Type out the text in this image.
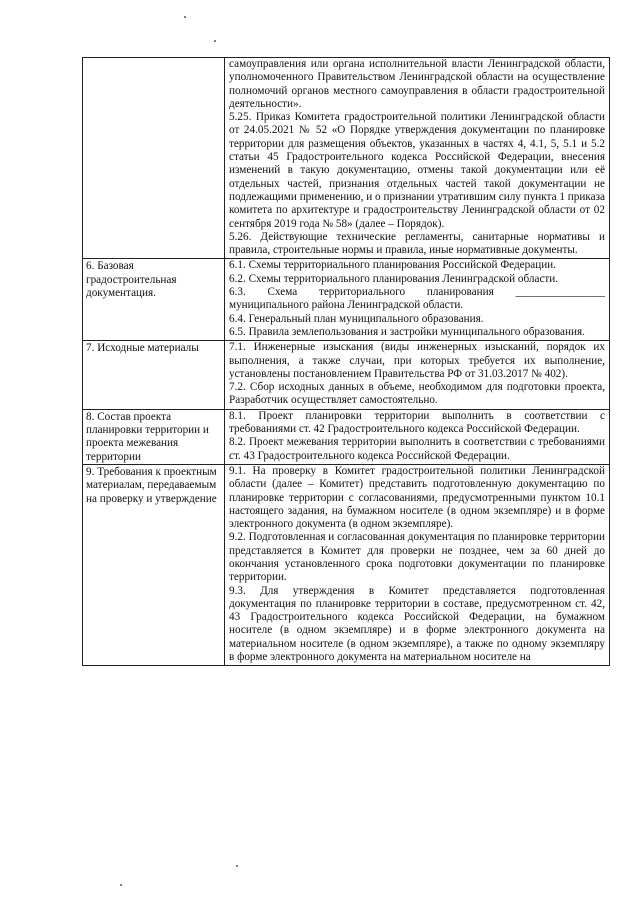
	самоуправления или органа исполнительной власти Ленинградской области, уполномоченного Правительством Ленинградской области на осуществление полномочий органов местного самоуправления в области градостроительной деятельности».

5.25. Приказ Комитета градостроительной политики Ленинградской области от 24.05.2021 № 52 «О Порядке утверждения документации по планировке территории для размещения объектов, указанных в частях 4, 4.1, 5, 5.1 и 5.2 статьи 45 Градостроительного кодекса Российской Федерации, внесения изменений в такую документацию, отмены такой документации или её отдельных частей, признания отдельных частей такой документации не подлежащими применению, и о признании утратившим силу пункта 1 приказа комитета по архитектуре и градостроительству Ленинградской области от 02 сентября 2019 года № 58» (далее – Порядок).

5.26. Действующие технические регламенты, санитарные нормативы и правила, строительные нормы и правила, иные нормативные документы.

6. Базовая градостроительная документация.	6.1. Схемы территориального планирования Российской Федерации.

6.2. Схемы территориального планирования Ленинградской области.

6.3. Схема территориального планирования ________________ муниципального района Ленинградской области.

6.4. Генеральный план муниципального образования.

6.5. Правила землепользования и застройки муниципального образования.

7. Исходные материалы	7.1. Инженерные изыскания (виды инженерных изысканий, порядок их выполнения, а также случаи, при которых требуется их выполнение, установлены постановлением Правительства РФ от 31.03.2017 № 402).

7.2. Сбор исходных данных в объеме, необходимом для подготовки проекта, Разработчик осуществляет самостоятельно.

8. Состав проекта планировки территории и проекта межевания территории	8.1. Проект планировки территории выполнить в соответствии с требованиями ст. 42 Градостроительного кодекса Российской Федерации.

8.2. Проект межевания территории выполнить в соответствии с требованиями ст. 43 Градостроительного кодекса Российской Федерации.

9. Требования к проектным материалам, передаваемым на проверку и утверждение	9.1. На проверку в Комитет градостроительной политики Ленинградской области (далее – Комитет) представить подготовленную документацию по планировке территории с согласованиями, предусмотренными пунктом 10.1 настоящего задания, на бумажном носителе (в одном экземпляре) и в форме электронного документа (в одном экземпляре).

9.2. Подготовленная и согласованная документация по планировке территории представляется в Комитет для проверки не позднее, чем за 60 дней до окончания установленного срока подготовки документации по планировке территории.

9.3. Для утверждения в Комитет представляется подготовленная документация по планировке территории в составе, предусмотренном ст. 42, 43 Градостроительного кодекса Российской Федерации, на бумажном носителе (в одном экземпляре) и в форме электронного документа на материальном носителе (в одном экземпляре), а также по одному экземпляру в форме электронного документа на материальном носителе на
